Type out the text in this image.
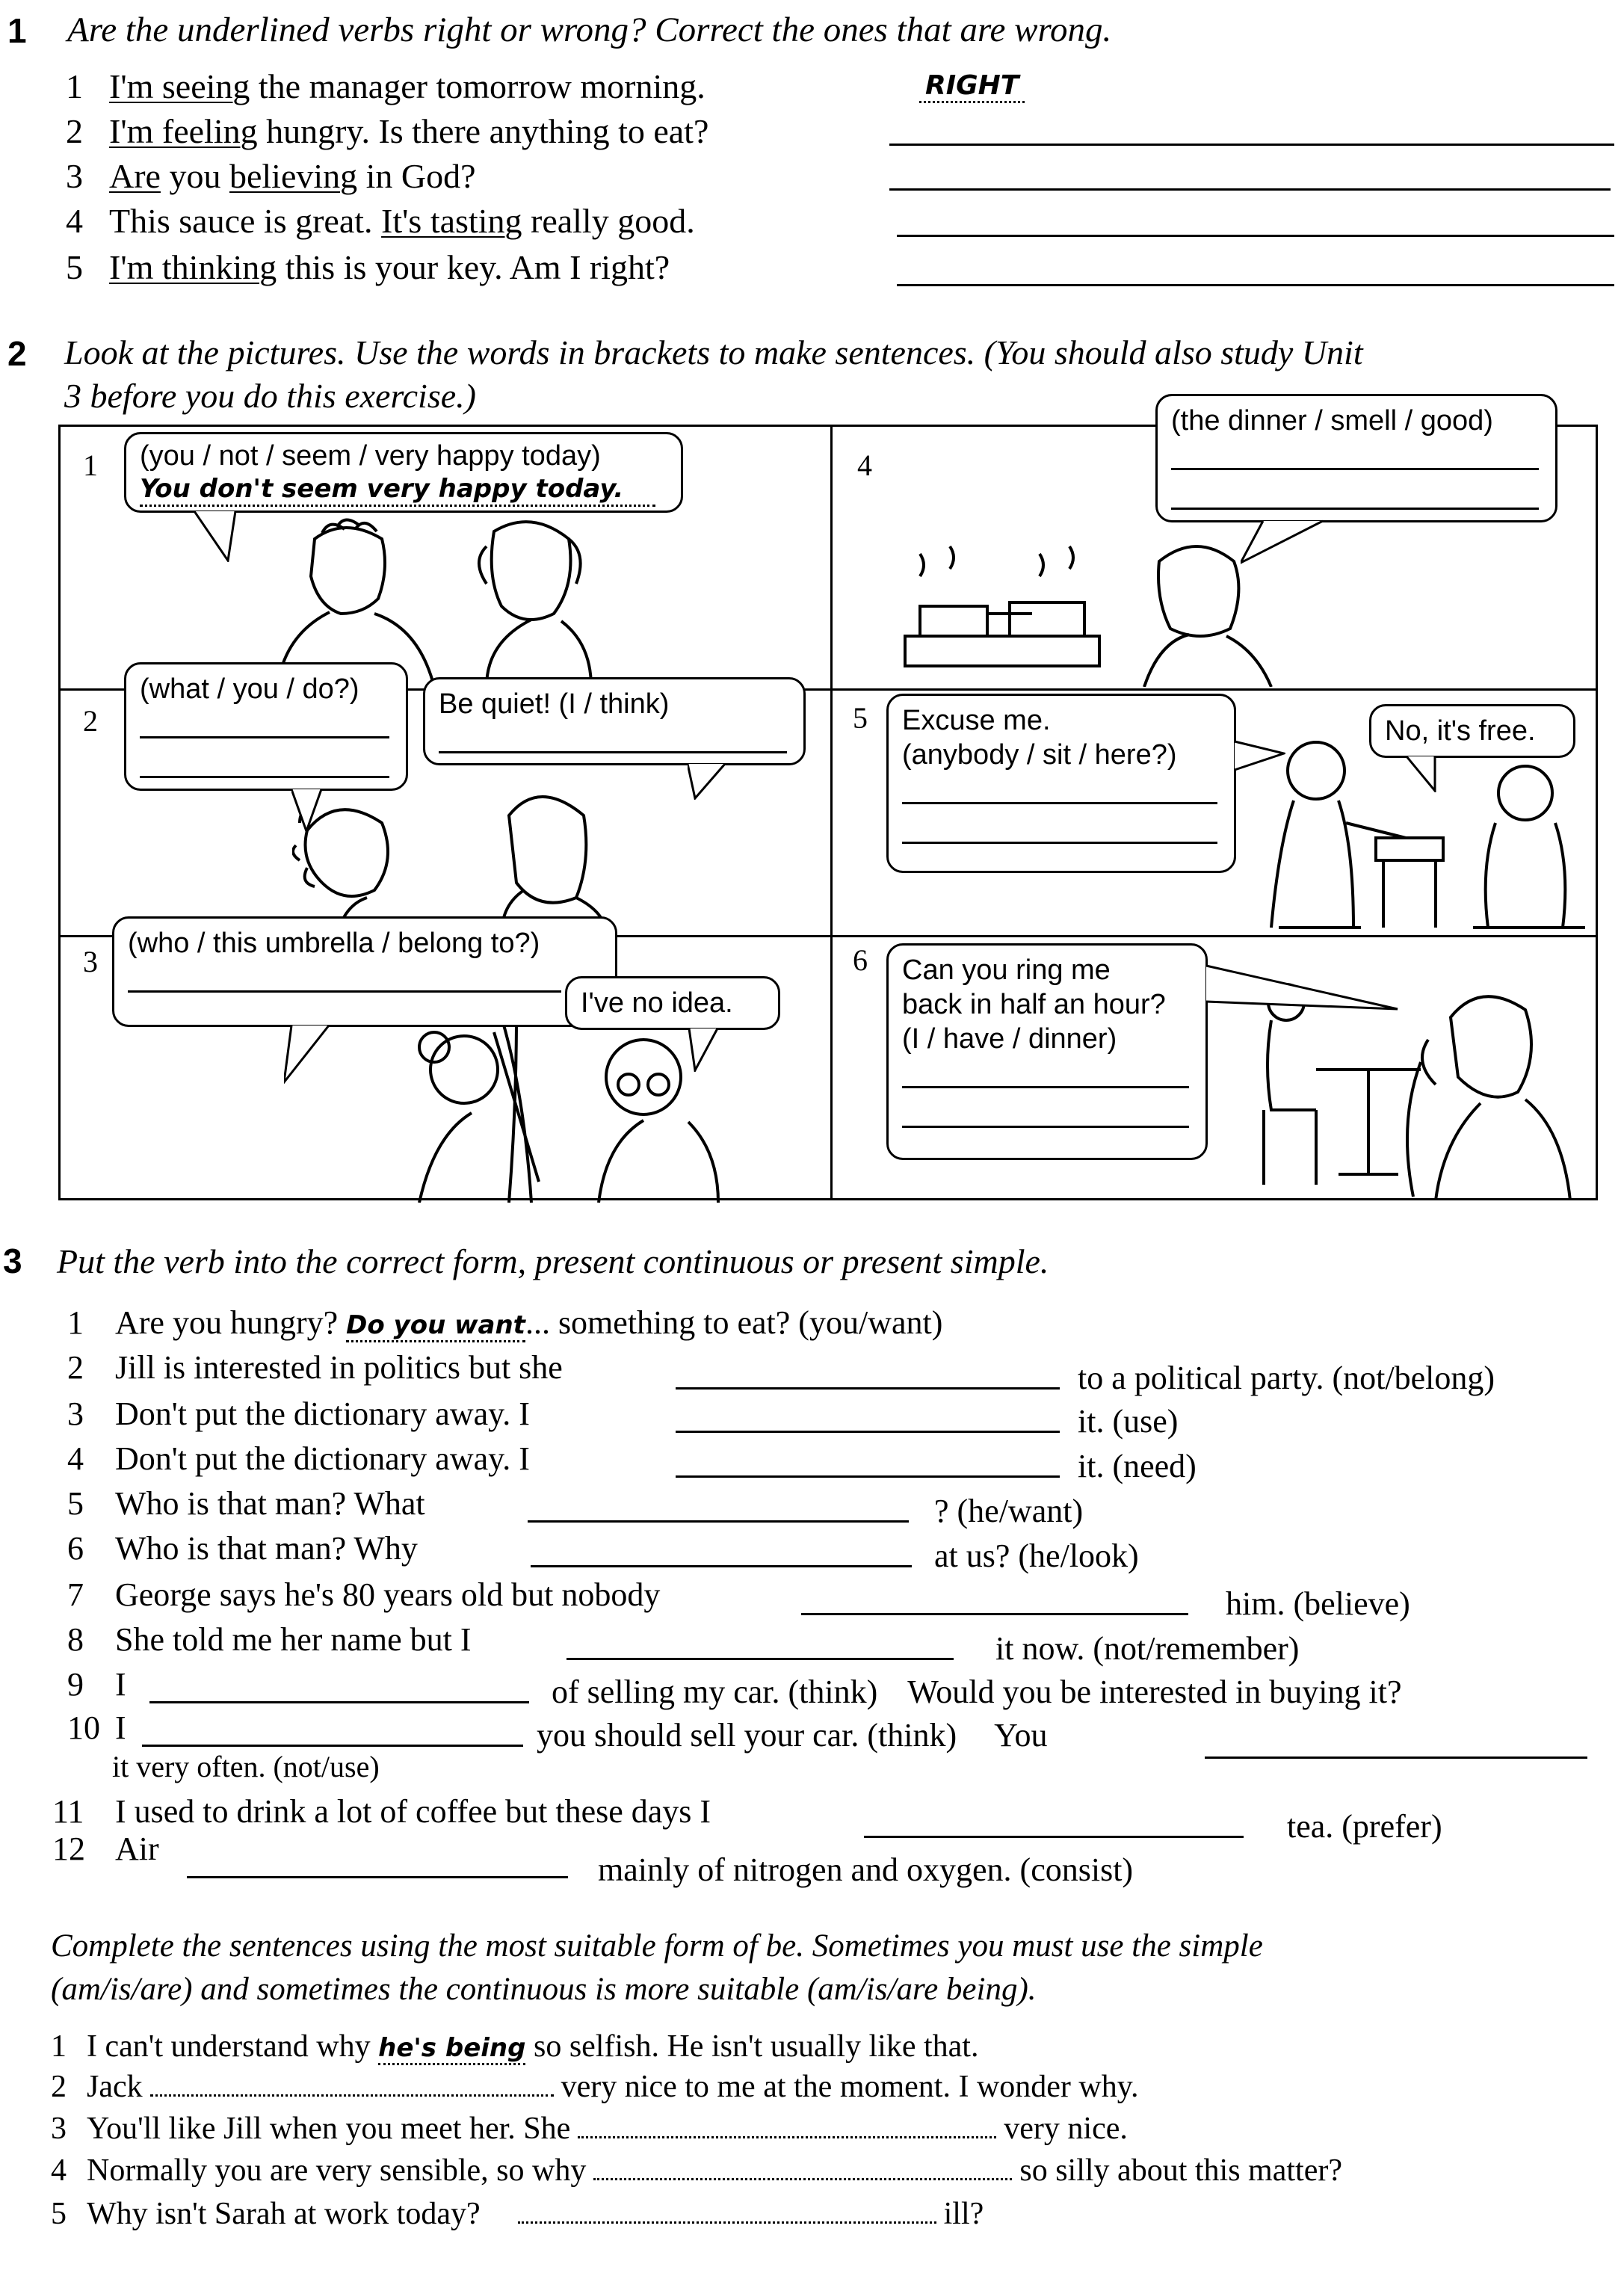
1 Are the underlined verbs right or wrong? Correct the ones that are wrong.
1 I'm seeing the manager tomorrow morning.	RIGHT
2 I'm feeling hungry. Is there anything to eat?
3 Are you believing in God?
4 This sauce is great. It's tasting really good.
5 I'm thinking this is your key. Am I right?
2 Look at the pictures. Use the words in brackets to make sentences. (You should also study Unit
3 before you do this exercise.)
1
2
3
4
5
6
(you / not / seem / very happy today)
You don't seem very happy today.
(the dinner / smell / good)
(what / you / do?)	Be quiet! (I / think)
Excuse me.
(anybody / sit / here?)
No, it's free.
(who / this umbrella / belong to?)
I've no idea.
Can you ring me
back in half an hour?
(I / have / dinner)
3 Put the verb into the correct form, present continuous or present simple.
1 Are you hungry? Do you want... something to eat? (you/want)
2 Jill is interested in politics but she	to a political party. (not/belong)
3 Don't put the dictionary away. I	it. (use)
4 Don't put the dictionary away. I	it. (need)
5 Who is that man? What	? (he/want)
6 Who is that man? Why	at us? (he/look)
7 George says he's 80 years old but nobody	him. (believe)
8 She told me her name but I	it now. (not/remember)
9 I	of selling my car. (think) Would you be interested in buying it?
10 I	you should sell your car. (think) You
it very often. (not/use)
11 I used to drink a lot of coffee but these days I	tea. (prefer)
12 Air
mainly of nitrogen and oxygen. (consist)
Complete the sentences using the most suitable form of be. Sometimes you must use the simple
(am/is/are) and sometimes the continuous is more suitable (am/is/are being).
1 I can't understand why he's being so selfish. He isn't usually like that.
2 Jack	very nice to me at the moment. I wonder why.
3 You'll like Jill when you meet her. She	very nice.
4 Normally you are very sensible, so why	so silly about this matter?
5 Why isn't Sarah at work today?	ill?
